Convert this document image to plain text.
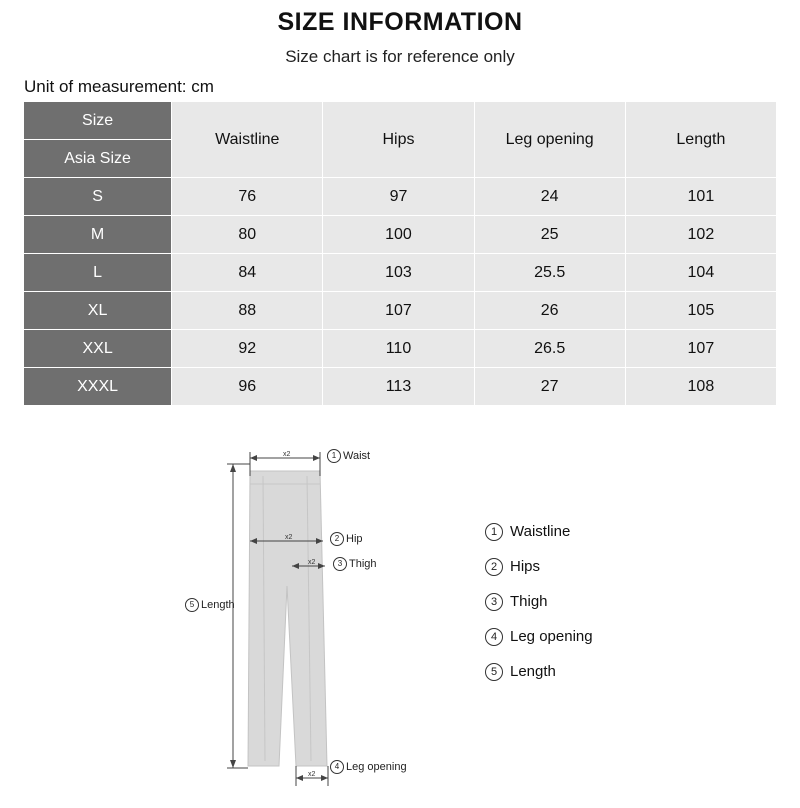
SIZE INFORMATION
Size chart is for reference only
Unit of measurement: cm
Size	Waistline	Hips	Leg opening	Length
Asia Size				
S	76	97	24	101
M	80	100	25	102
L	84	103	25.5	104
XL	88	107	26	105
XXL	92	110	26.5	107
XXXL	96	113	27	108
x2	1 Waist
x2	2 Hip
x2	3 Thigh
5 Length
x2
4 Leg opening
1 Waistline
2 Hips
3 Thigh
4 Leg opening
5 Length
